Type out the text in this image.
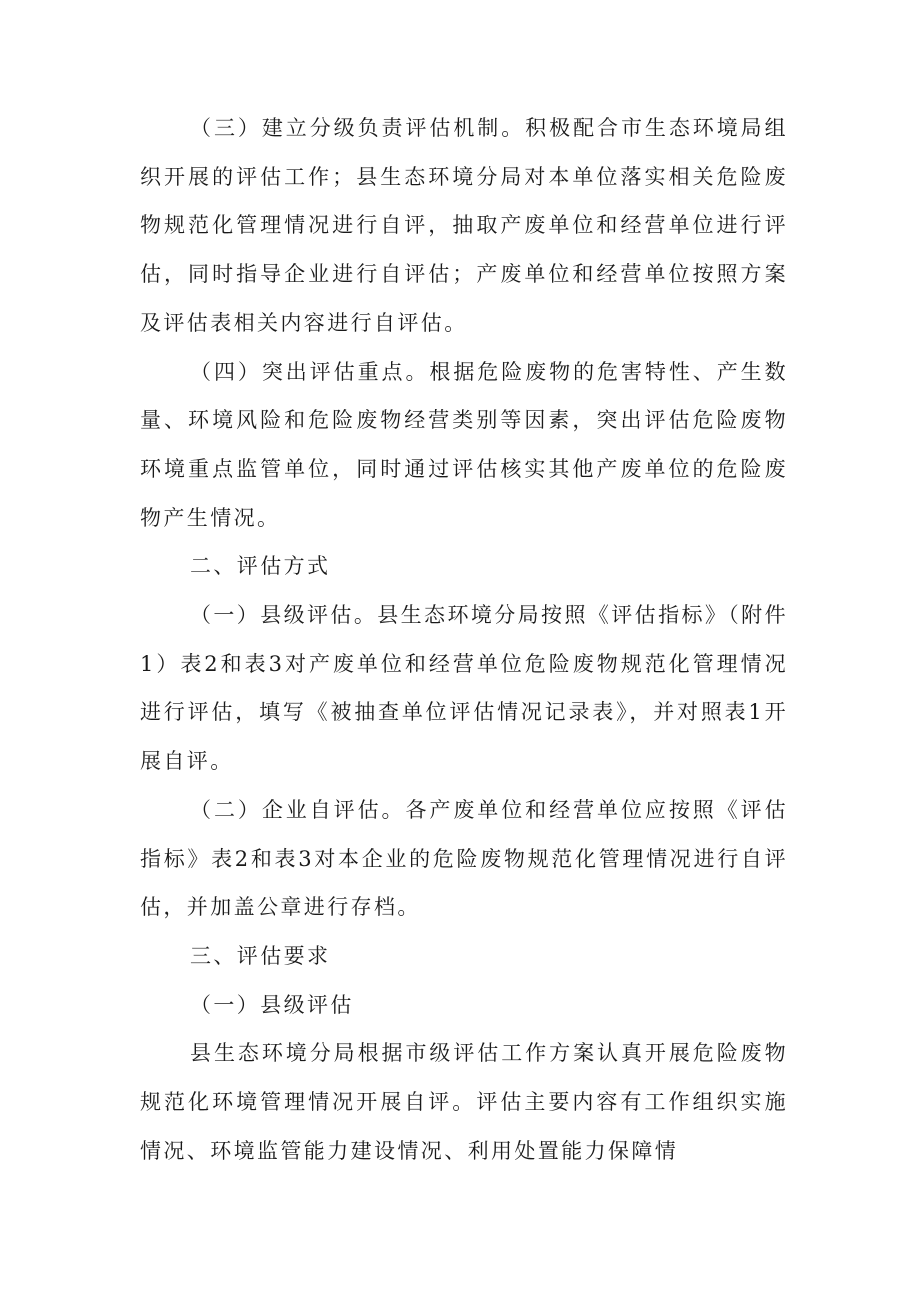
（三）建立分级负责评估机制。积极配合市生态环境局组织开展的评估工作；县生态环境分局对本单位落实相关危险废物规范化管理情况进行自评，抽取产废单位和经营单位进行评估，同时指导企业进行自评估；产废单位和经营单位按照方案及评估表相关内容进行自评估。

（四）突出评估重点。根据危险废物的危害特性、产生数量、环境风险和危险废物经营类别等因素，突出评估危险废物环境重点监管单位，同时通过评估核实其他产废单位的危险废物产生情况。

二、评估方式

（一）县级评估。县生态环境分局按照《评估指标》（附件1）表2和表3对产废单位和经营单位危险废物规范化管理情况进行评估，填写《被抽查单位评估情况记录表》，并对照表1开展自评。

（二）企业自评估。各产废单位和经营单位应按照《评估指标》表2和表3对本企业的危险废物规范化管理情况进行自评估，并加盖公章进行存档。

三、评估要求

（一）县级评估

县生态环境分局根据市级评估工作方案认真开展危险废物规范化环境管理情况开展自评。评估主要内容有工作组织实施情况、环境监管能力建设情况、利用处置能力保障情
